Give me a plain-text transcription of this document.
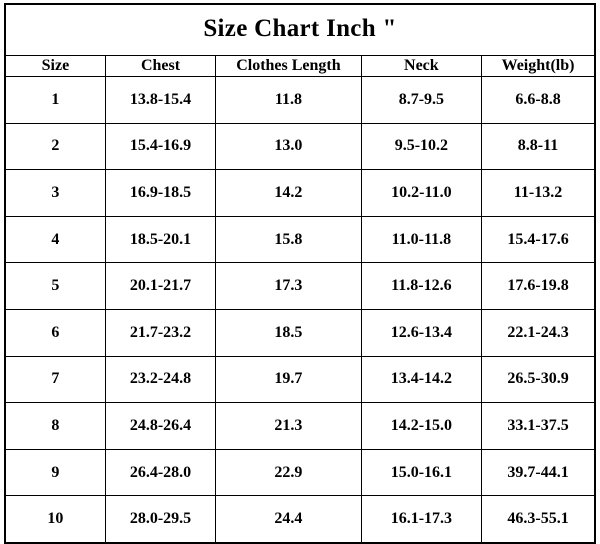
Size Chart Inch "				
Size	Chest	Clothes Length	Neck	Weight(lb)
1	13.8-15.4	11.8	8.7-9.5	6.6-8.8
2	15.4-16.9	13.0	9.5-10.2	8.8-11
3	16.9-18.5	14.2	10.2-11.0	11-13.2
4	18.5-20.1	15.8	11.0-11.8	15.4-17.6
5	20.1-21.7	17.3	11.8-12.6	17.6-19.8
6	21.7-23.2	18.5	12.6-13.4	22.1-24.3
7	23.2-24.8	19.7	13.4-14.2	26.5-30.9
8	24.8-26.4	21.3	14.2-15.0	33.1-37.5
9	26.4-28.0	22.9	15.0-16.1	39.7-44.1
10	28.0-29.5	24.4	16.1-17.3	46.3-55.1
